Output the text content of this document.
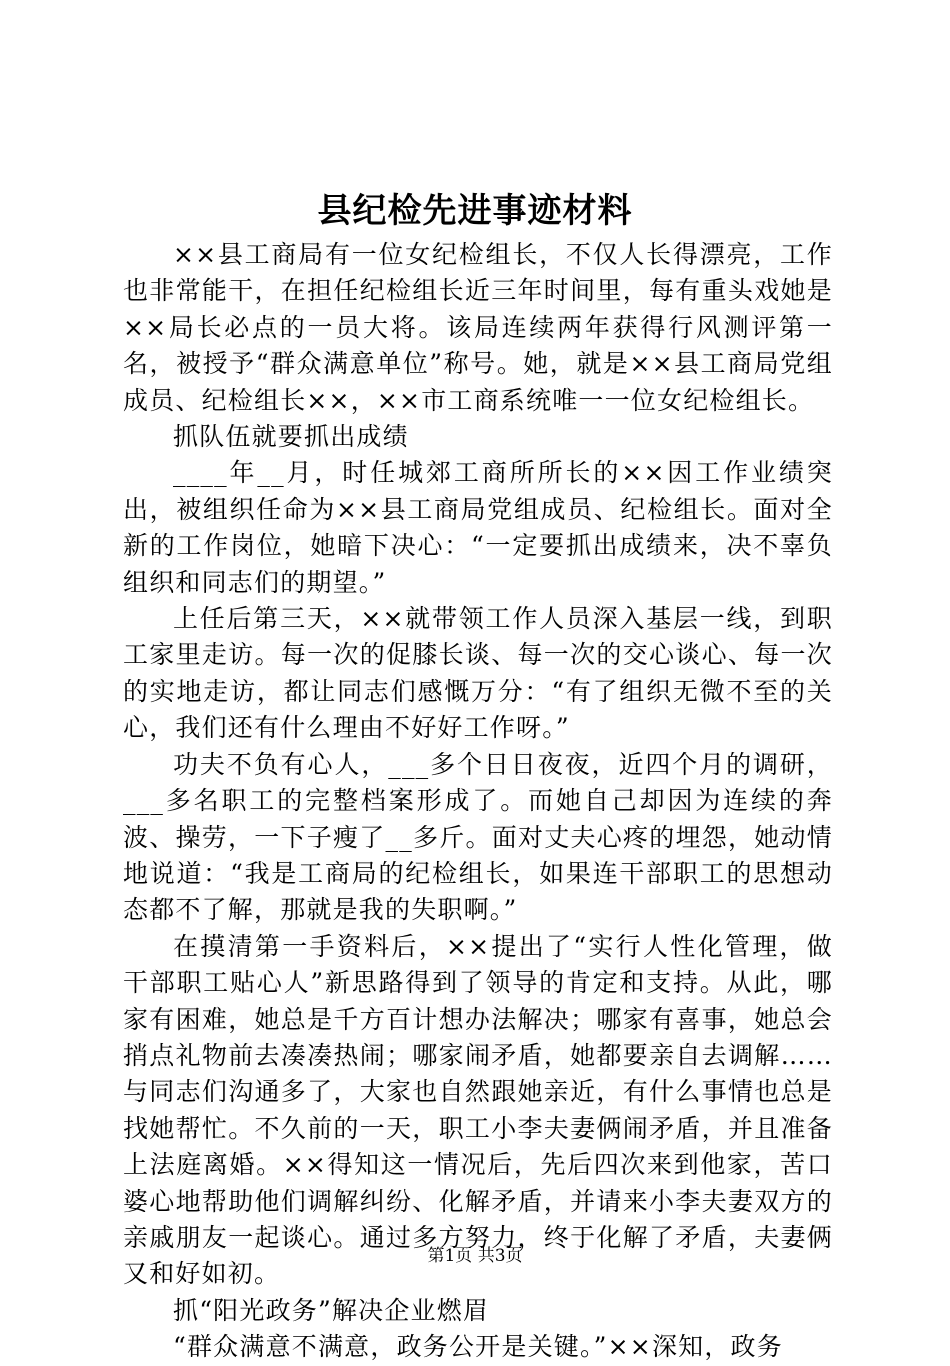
县纪检先进事迹材料

××县工商局有一位女纪检组长，不仅人长得漂亮，工作也非常能干，在担任纪检组长近三年时间里，每有重头戏她是××局长必点的一员大将。该局连续两年获得行风测评第一名，被授予“群众满意单位”称号。她，就是××县工商局党组成员、纪检组长××，××市工商系统唯一一位女纪检组长。

抓队伍就要抓出成绩

____年__月，时任城郊工商所所长的××因工作业绩突出，被组织任命为××县工商局党组成员、纪检组长。面对全新的工作岗位，她暗下决心：“一定要抓出成绩来，决不辜负组织和同志们的期望。”

上任后第三天，××就带领工作人员深入基层一线，到职工家里走访。每一次的促膝长谈、每一次的交心谈心、每一次的实地走访，都让同志们感慨万分：“有了组织无微不至的关心，我们还有什么理由不好好工作呀。”

功夫不负有心人，___多个日日夜夜，近四个月的调研，___多名职工的完整档案形成了。而她自己却因为连续的奔波、操劳，一下子瘦了__多斤。面对丈夫心疼的埋怨，她动情地说道：“我是工商局的纪检组长，如果连干部职工的思想动态都不了解，那就是我的失职啊。”

在摸清第一手资料后，××提出了“实行人性化管理，做干部职工贴心人”新思路得到了领导的肯定和支持。从此，哪家有困难，她总是千方百计想办法解决；哪家有喜事，她总会捎点礼物前去凑凑热闹；哪家闹矛盾，她都要亲自去调解……与同志们沟通多了，大家也自然跟她亲近，有什么事情也总是找她帮忙。不久前的一天，职工小李夫妻俩闹矛盾，并且准备上法庭离婚。××得知这一情况后，先后四次来到他家，苦口婆心地帮助他们调解纠纷、化解矛盾，并请来小李夫妻双方的亲戚朋友一起谈心。通过多方努力，终于化解了矛盾，夫妻俩又和好如初。

抓“阳光政务”解决企业燃眉

“群众满意不满意，政务公开是关键。”××深知，政务

第1页 共3页
